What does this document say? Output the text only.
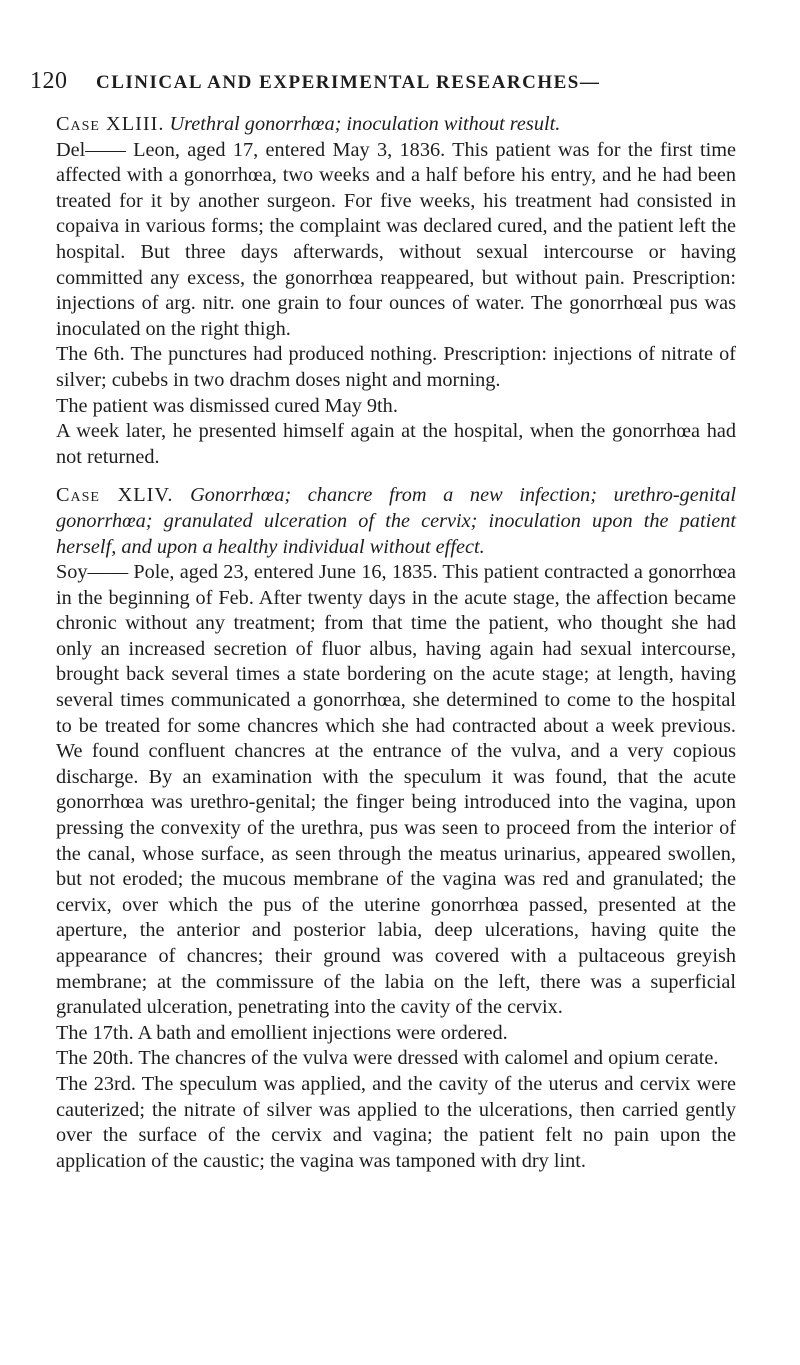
120 CLINICAL AND EXPERIMENTAL RESEARCHES—

Case XLIII. Urethral gonorrhœa; inoculation without result.

Del—— Leon, aged 17, entered May 3, 1836. This patient was for the first time affected with a gonorrhœa, two weeks and a half before his entry, and he had been treated for it by another surgeon. For five weeks, his treatment had consisted in copaiva in various forms; the complaint was declared cured, and the patient left the hospital. But three days afterwards, without sexual intercourse or having committed any excess, the gonorrhœa reappeared, but without pain. Prescription: injections of arg. nitr. one grain to four ounces of water. The gonorrhœal pus was inoculated on the right thigh.

The 6th. The punctures had produced nothing. Prescription: injections of nitrate of silver; cubebs in two drachm doses night and morning.

The patient was dismissed cured May 9th.

A week later, he presented himself again at the hospital, when the gonorrhœa had not returned.

Case XLIV. Gonorrhœa; chancre from a new infection; urethro-genital gonorrhœa; granulated ulceration of the cervix; inoculation upon the patient herself, and upon a healthy individual without effect.

Soy—— Pole, aged 23, entered June 16, 1835. This patient contracted a gonorrhœa in the beginning of Feb. After twenty days in the acute stage, the affection became chronic without any treatment; from that time the patient, who thought she had only an increased secretion of fluor albus, having again had sexual intercourse, brought back several times a state bordering on the acute stage; at length, having several times communicated a gonorrhœa, she determined to come to the hospital to be treated for some chancres which she had contracted about a week previous. We found confluent chancres at the entrance of the vulva, and a very copious discharge. By an examination with the speculum it was found, that the acute gonorrhœa was urethro-genital; the finger being introduced into the vagina, upon pressing the convexity of the urethra, pus was seen to proceed from the interior of the canal, whose surface, as seen through the meatus urinarius, appeared swollen, but not eroded; the mucous membrane of the vagina was red and granulated; the cervix, over which the pus of the uterine gonorrhœa passed, presented at the aperture, the anterior and posterior labia, deep ulcerations, having quite the appearance of chancres; their ground was covered with a pultaceous greyish membrane; at the commissure of the labia on the left, there was a superficial granulated ulceration, penetrating into the cavity of the cervix.

The 17th. A bath and emollient injections were ordered.

The 20th. The chancres of the vulva were dressed with calomel and opium cerate.

The 23rd. The speculum was applied, and the cavity of the uterus and cervix were cauterized; the nitrate of silver was applied to the ulcerations, then carried gently over the surface of the cervix and vagina; the patient felt no pain upon the application of the caustic; the vagina was tamponed with dry lint.
